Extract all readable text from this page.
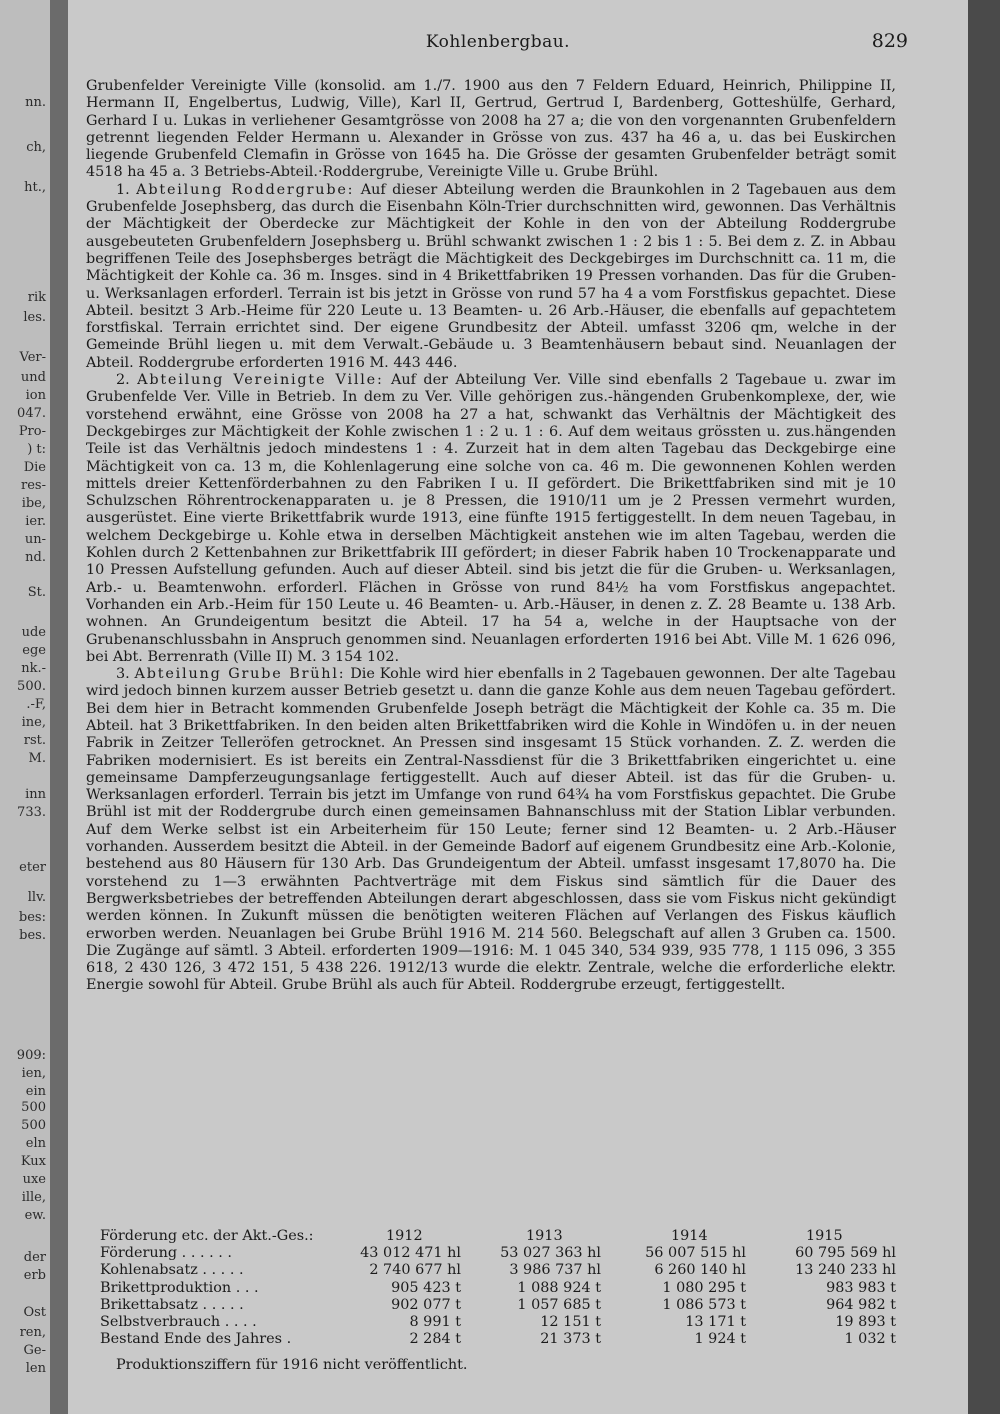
nn.
ch,
ht.,
rik
les.
Ver-
und
ion
047.
Pro-
) t:
Die
res-
ibe,
ier.
un-
nd.
St.
ude
ege
nk.-
500.
.-F,
ine,
rst.
M.
inn
733.
eter
llv.
bes:
bes.
909:
ien,
ein
500
500
eln
Kux
uxe
ille,
ew.
der
erb
Ost
ren,
Ge-
len
Kohlenbergbau.	829

Grubenfelder Vereinigte Ville (konsolid. am 1./7. 1900 aus den 7 Feldern Eduard, Heinrich, Philippine II, Hermann II, Engelbertus, Ludwig, Ville), Karl II, Gertrud, Gertrud I, Bardenberg, Gotteshülfe, Gerhard, Gerhard I u. Lukas in verliehener Gesamtgrösse von 2008 ha 27 a; die von den vorgenannten Grubenfeldern getrennt liegenden Felder Hermann u. Alexander in Grösse von zus. 437 ha 46 a, u. das bei Euskirchen liegende Grubenfeld Clemafin in Grösse von 1645 ha. Die Grösse der gesamten Grubenfelder beträgt somit 4518 ha 45 a. 3 Betriebs-Abteil.·Roddergrube, Vereinigte Ville u. Grube Brühl.

1. Abteilung Roddergrube: Auf dieser Abteilung werden die Braunkohlen in 2 Tagebauen aus dem Grubenfelde Josephsberg, das durch die Eisenbahn Köln-Trier durchschnitten wird, gewonnen. Das Verhältnis der Mächtigkeit der Oberdecke zur Mächtigkeit der Kohle in den von der Abteilung Roddergrube ausgebeuteten Grubenfeldern Josephsberg u. Brühl schwankt zwischen 1 : 2 bis 1 : 5. Bei dem z. Z. in Abbau begriffenen Teile des Josephsberges beträgt die Mächtigkeit des Deckgebirges im Durchschnitt ca. 11 m, die Mächtigkeit der Kohle ca. 36 m. Insges. sind in 4 Brikettfabriken 19 Pressen vorhanden. Das für die Gruben- u. Werksanlagen erforderl. Terrain ist bis jetzt in Grösse von rund 57 ha 4 a vom Forstfiskus gepachtet. Diese Abteil. besitzt 3 Arb.-Heime für 220 Leute u. 13 Beamten- u. 26 Arb.-Häuser, die ebenfalls auf gepachtetem forstfiskal. Terrain errichtet sind. Der eigene Grundbesitz der Abteil. umfasst 3206 qm, welche in der Gemeinde Brühl liegen u. mit dem Verwalt.-Gebäude u. 3 Beamtenhäusern bebaut sind. Neuanlagen der Abteil. Roddergrube erforderten 1916 M. 443 446.

2. Abteilung Vereinigte Ville: Auf der Abteilung Ver. Ville sind ebenfalls 2 Tagebaue u. zwar im Grubenfelde Ver. Ville in Betrieb. In dem zu Ver. Ville gehörigen zus.-hängenden Grubenkomplexe, der, wie vorstehend erwähnt, eine Grösse von 2008 ha 27 a hat, schwankt das Verhältnis der Mächtigkeit des Deckgebirges zur Mächtigkeit der Kohle zwischen 1 : 2 u. 1 : 6. Auf dem weitaus grössten u. zus.hängenden Teile ist das Verhältnis jedoch mindestens 1 : 4. Zurzeit hat in dem alten Tagebau das Deckgebirge eine Mächtigkeit von ca. 13 m, die Kohlenlagerung eine solche von ca. 46 m. Die gewonnenen Kohlen werden mittels dreier Kettenförderbahnen zu den Fabriken I u. II gefördert. Die Brikettfabriken sind mit je 10 Schulzschen Röhrentrockenapparaten u. je 8 Pressen, die 1910/11 um je 2 Pressen vermehrt wurden, ausgerüstet. Eine vierte Brikettfabrik wurde 1913, eine fünfte 1915 fertiggestellt. In dem neuen Tagebau, in welchem Deckgebirge u. Kohle etwa in derselben Mächtigkeit anstehen wie im alten Tagebau, werden die Kohlen durch 2 Kettenbahnen zur Brikettfabrik III gefördert; in dieser Fabrik haben 10 Trockenapparate und 10 Pressen Aufstellung gefunden. Auch auf dieser Abteil. sind bis jetzt die für die Gruben- u. Werksanlagen, Arb.- u. Beamtenwohn. erforderl. Flächen in Grösse von rund 84½ ha vom Forstfiskus angepachtet. Vorhanden ein Arb.-Heim für 150 Leute u. 46 Beamten- u. Arb.-Häuser, in denen z. Z. 28 Beamte u. 138 Arb. wohnen. An Grundeigentum besitzt die Abteil. 17 ha 54 a, welche in der Hauptsache von der Grubenanschlussbahn in Anspruch genommen sind. Neuanlagen erforderten 1916 bei Abt. Ville M. 1 626 096, bei Abt. Berrenrath (Ville II) M. 3 154 102.

3. Abteilung Grube Brühl: Die Kohle wird hier ebenfalls in 2 Tagebauen gewonnen. Der alte Tagebau wird jedoch binnen kurzem ausser Betrieb gesetzt u. dann die ganze Kohle aus dem neuen Tagebau gefördert. Bei dem hier in Betracht kommenden Grubenfelde Joseph beträgt die Mächtigkeit der Kohle ca. 35 m. Die Abteil. hat 3 Brikettfabriken. In den beiden alten Brikettfabriken wird die Kohle in Windöfen u. in der neuen Fabrik in Zeitzer Telleröfen getrocknet. An Pressen sind insgesamt 15 Stück vorhanden. Z. Z. werden die Fabriken modernisiert. Es ist bereits ein Zentral-Nassdienst für die 3 Brikettfabriken eingerichtet u. eine gemeinsame Dampferzeugungsanlage fertiggestellt. Auch auf dieser Abteil. ist das für die Gruben- u. Werksanlagen erforderl. Terrain bis jetzt im Umfange von rund 64¾ ha vom Forstfiskus gepachtet. Die Grube Brühl ist mit der Roddergrube durch einen gemeinsamen Bahnanschluss mit der Station Liblar verbunden. Auf dem Werke selbst ist ein Arbeiterheim für 150 Leute; ferner sind 12 Beamten- u. 2 Arb.-Häuser vorhanden. Ausserdem besitzt die Abteil. in der Gemeinde Badorf auf eigenem Grundbesitz eine Arb.-Kolonie, bestehend aus 80 Häusern für 130 Arb. Das Grundeigentum der Abteil. umfasst insgesamt 17,8070 ha. Die vorstehend zu 1—3 erwähnten Pachtverträge mit dem Fiskus sind sämtlich für die Dauer des Bergwerksbetriebes der betreffenden Abteilungen derart abgeschlossen, dass sie vom Fiskus nicht gekündigt werden können. In Zukunft müssen die benötigten weiteren Flächen auf Verlangen des Fiskus käuflich erworben werden. Neuanlagen bei Grube Brühl 1916 M. 214 560. Belegschaft auf allen 3 Gruben ca. 1500. Die Zugänge auf sämtl. 3 Abteil. erforderten 1909—1916: M. 1 045 340, 534 939, 935 778, 1 115 096, 3 355 618, 2 430 126, 3 472 151, 5 438 226. 1912/13 wurde die elektr. Zentrale, welche die erforderliche elektr. Energie sowohl für Abteil. Grube Brühl als auch für Abteil. Roddergrube erzeugt, fertiggestellt.

Förderung etc. der Akt.-Ges.:	1912	1913	1914	1915
Förderung . . . . . .	43 012 471 hl	53 027 363 hl	56 007 515 hl	60 795 569 hl
Kohlenabsatz . . . . .	2 740 677 hl	3 986 737 hl	6 260 140 hl	13 240 233 hl
Brikettproduktion . . .	905 423 t	1 088 924 t	1 080 295 t	983 983 t
Brikettabsatz . . . . .	902 077 t	1 057 685 t	1 086 573 t	964 982 t
Selbstverbrauch . . . .	8 991 t	12 151 t	13 171 t	19 893 t
Bestand Ende des Jahres .	2 284 t	21 373 t	1 924 t	1 032 t
Produktionsziffern für 1916 nicht veröffentlicht.
